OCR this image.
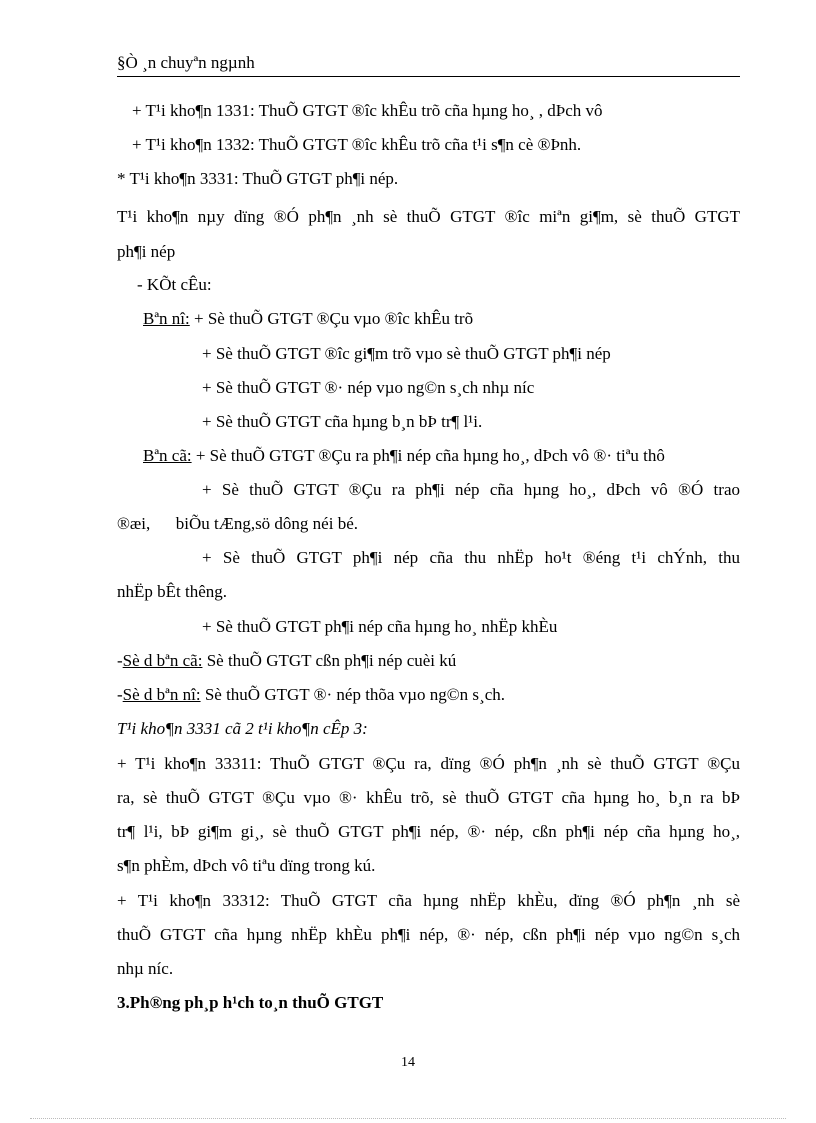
§Ò ¸n chuyªn ngµnh
+ T¹i kho¶n 1331: ThuÕ GTGT ®îc khÊu trõ cña hµng ho¸ , dÞch vô
+ T¹i kho¶n 1332: ThuÕ GTGT ®îc khÊu trõ cña t¹i s¶n cè ®Þnh.
* T¹i kho¶n 3331: ThuÕ GTGT ph¶i nép.
T¹i kho¶n nµy dïng ®Ó ph¶n ¸nh sè thuÕ GTGT ®îc miªn gi¶m, sè thuÕ GTGT
ph¶i nép
- KÕt cÊu:
Bªn nî: + Sè thuÕ GTGT ®Çu vµo ®îc khÊu trõ
+ Sè thuÕ GTGT ®îc gi¶m trõ vµo sè thuÕ GTGT ph¶i nép
+ Sè thuÕ GTGT ®· nép vµo ng©n s¸ch nhµ níc
+ Sè thuÕ GTGT cña hµng b¸n bÞ tr¶ l¹i.
Bªn cã: + Sè thuÕ GTGT ®Çu ra ph¶i nép cña hµng ho¸, dÞch vô ®· tiªu thô
+ Sè thuÕ GTGT ®Çu ra ph¶i nép cña hµng ho¸, dÞch vô ®Ó trao
®æi,      biÕu tÆng,sö dông néi bé.
+ Sè thuÕ GTGT ph¶i nép cña thu nhËp ho¹t ®éng t¹i chÝnh, thu
nhËp bÊt thêng.
+ Sè thuÕ GTGT ph¶i nép cña hµng ho¸ nhËp khÈu
-Sè d bªn cã: Sè thuÕ GTGT cßn ph¶i nép cuèi kú
-Sè d bªn nî: Sè thuÕ GTGT ®· nép thõa vµo ng©n s¸ch.
T¹i kho¶n 3331 cã 2 t¹i kho¶n cÊp 3:
+ T¹i kho¶n 33311: ThuÕ GTGT ®Çu ra, dïng ®Ó ph¶n ¸nh sè thuÕ GTGT ®Çu
ra, sè thuÕ GTGT ®Çu vµo ®· khÊu trõ, sè thuÕ GTGT cña hµng ho¸ b¸n ra bÞ
tr¶ l¹i, bÞ gi¶m gi¸, sè thuÕ GTGT ph¶i nép, ®· nép, cßn ph¶i nép cña hµng ho¸,
s¶n phÈm, dÞch vô tiªu dïng trong kú.
+ T¹i kho¶n 33312: ThuÕ GTGT cña hµng nhËp khÈu, dïng ®Ó ph¶n ¸nh sè
thuÕ GTGT cña hµng nhËp khÈu ph¶i nép, ®· nép, cßn ph¶i nép vµo ng©n s¸ch
nhµ níc.
3.Ph®ng ph¸p h¹ch to¸n thuÕ GTGT
14
